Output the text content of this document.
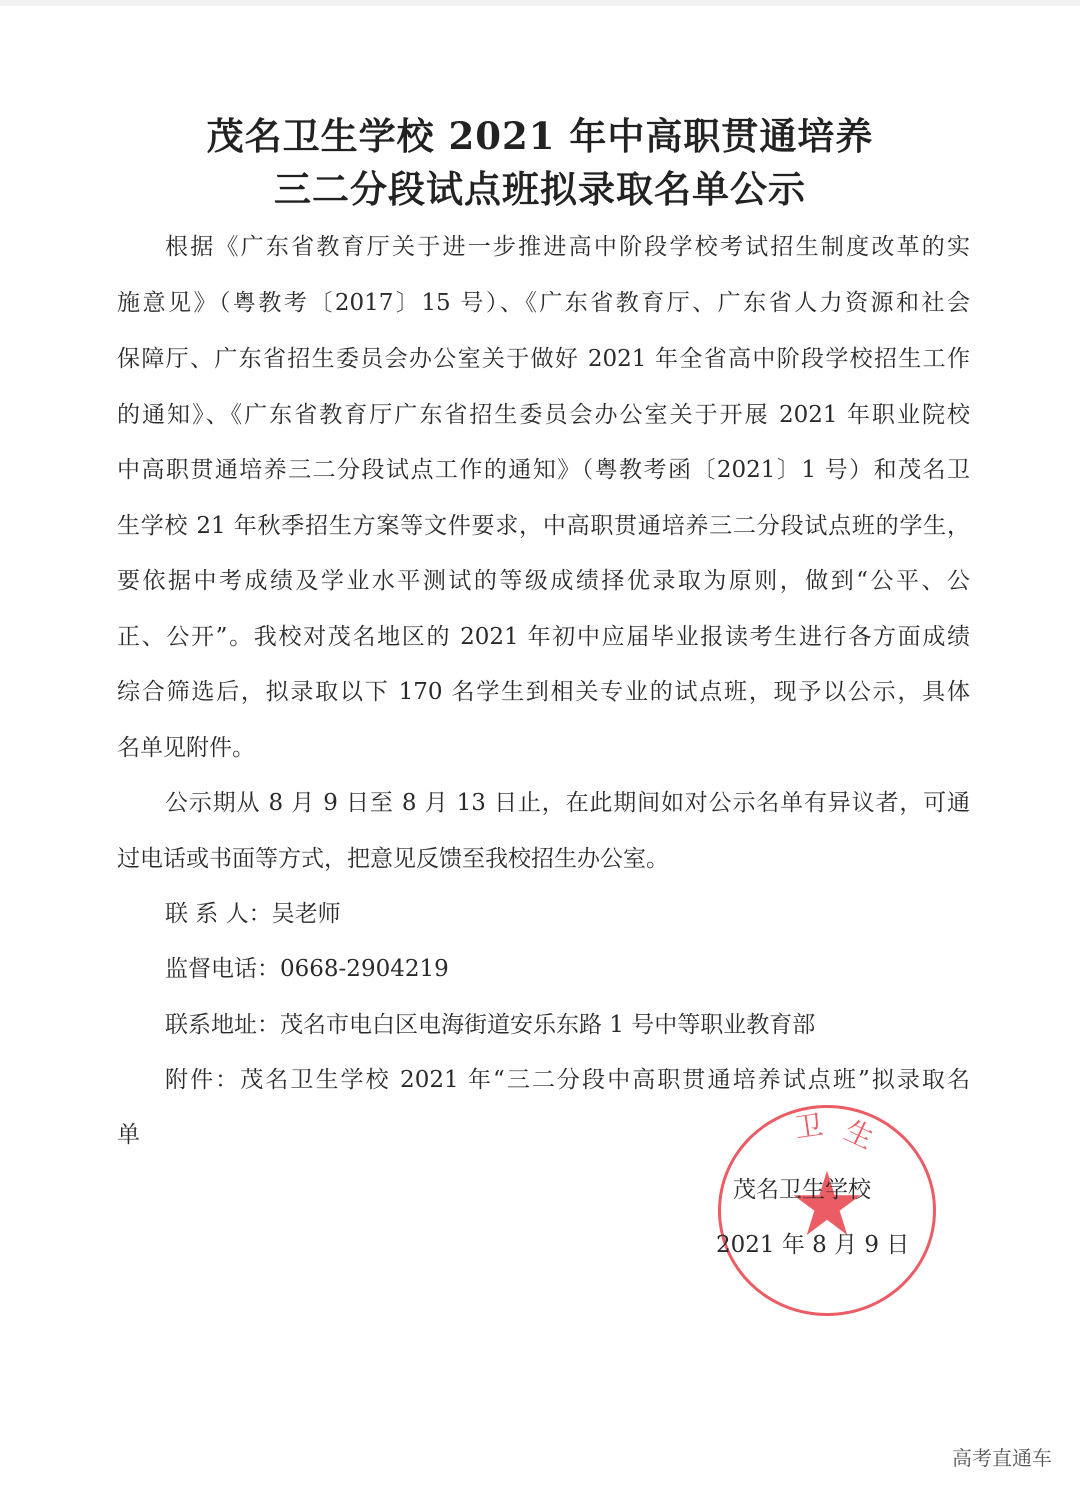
茂名卫生学校 2021 年中高职贯通培养
三二分段试点班拟录取名单公示
根据《广东省教育厅关于进一步推进高中阶段学校考试招生制度改革的实
施意见》（粤教考〔2017〕15 号）、《广东省教育厅、广东省人力资源和社会
保障厅、广东省招生委员会办公室关于做好 2021 年全省高中阶段学校招生工作
的通知》、《广东省教育厅广东省招生委员会办公室关于开展 2021 年职业院校
中高职贯通培养三二分段试点工作的通知》（粤教考函〔2021〕1 号）和茂名卫
生学校 21 年秋季招生方案等文件要求，中高职贯通培养三二分段试点班的学生，
要依据中考成绩及学业水平测试的等级成绩择优录取为原则，做到“公平、公
正、公开”。我校对茂名地区的 2021 年初中应届毕业报读考生进行各方面成绩
综合筛选后，拟录取以下 170 名学生到相关专业的试点班，现予以公示，具体
名单见附件。
公示期从 8 月 9 日至 8 月 13 日止，在此期间如对公示名单有异议者，可通
过电话或书面等方式，把意见反馈至我校招生办公室。
联 系 人：吴老师
监督电话：0668-2904219
联系地址：茂名市电白区电海街道安乐东路 1 号中等职业教育部
附件：茂名卫生学校 2021 年“三二分段中高职贯通培养试点班”拟录取名
单	卫 生
茂名卫生学校
2021 年 8 月 9 日
高考直通车
